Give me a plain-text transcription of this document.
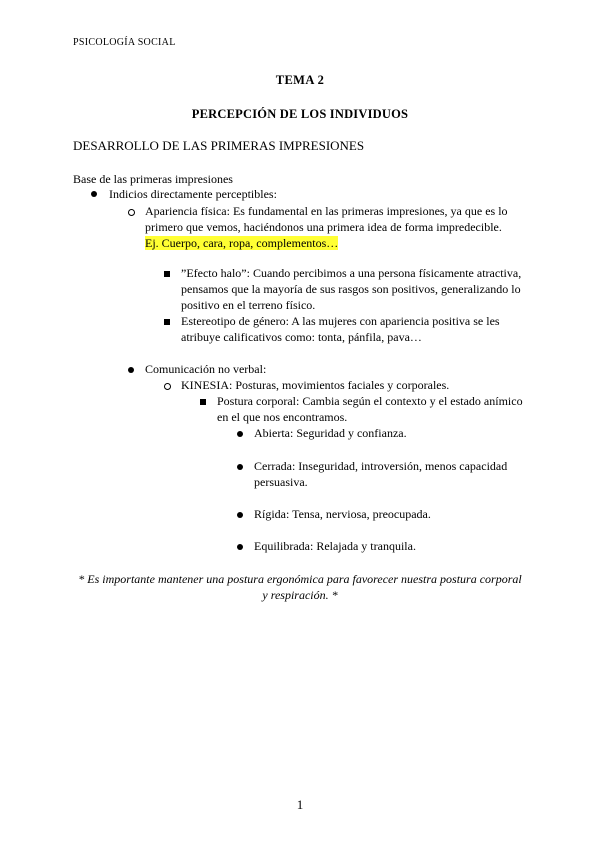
PSICOLOGÍA SOCIAL
TEMA 2
PERCEPCIÓN DE LOS INDIVIDUOS
DESARROLLO DE LAS PRIMERAS IMPRESIONES
Base de las primeras impresiones
Indicios directamente perceptibles:
Apariencia física: Es fundamental en las primeras impresiones, ya que es lo
primero que vemos, haciéndonos una primera idea de forma impredecible.
Ej. Cuerpo, cara, ropa, complementos…
”Efecto halo”: Cuando percibimos a una persona físicamente atractiva,
pensamos que la mayoría de sus rasgos son positivos, generalizando lo
positivo en el terreno físico.
Estereotipo de género: A las mujeres con apariencia positiva se les
atribuye calificativos como: tonta, pánfila, pava…
Comunicación no verbal:
KINESIA: Posturas, movimientos faciales y corporales.
Postura corporal: Cambia según el contexto y el estado anímico
en el que nos encontramos.
Abierta: Seguridad y confianza.
Cerrada: Inseguridad, introversión, menos capacidad
persuasiva.
Rígida: Tensa, nerviosa, preocupada.
Equilibrada: Relajada y tranquila.
* Es importante mantener una postura ergonómica para favorecer nuestra postura corporal
y respiración. *
1
